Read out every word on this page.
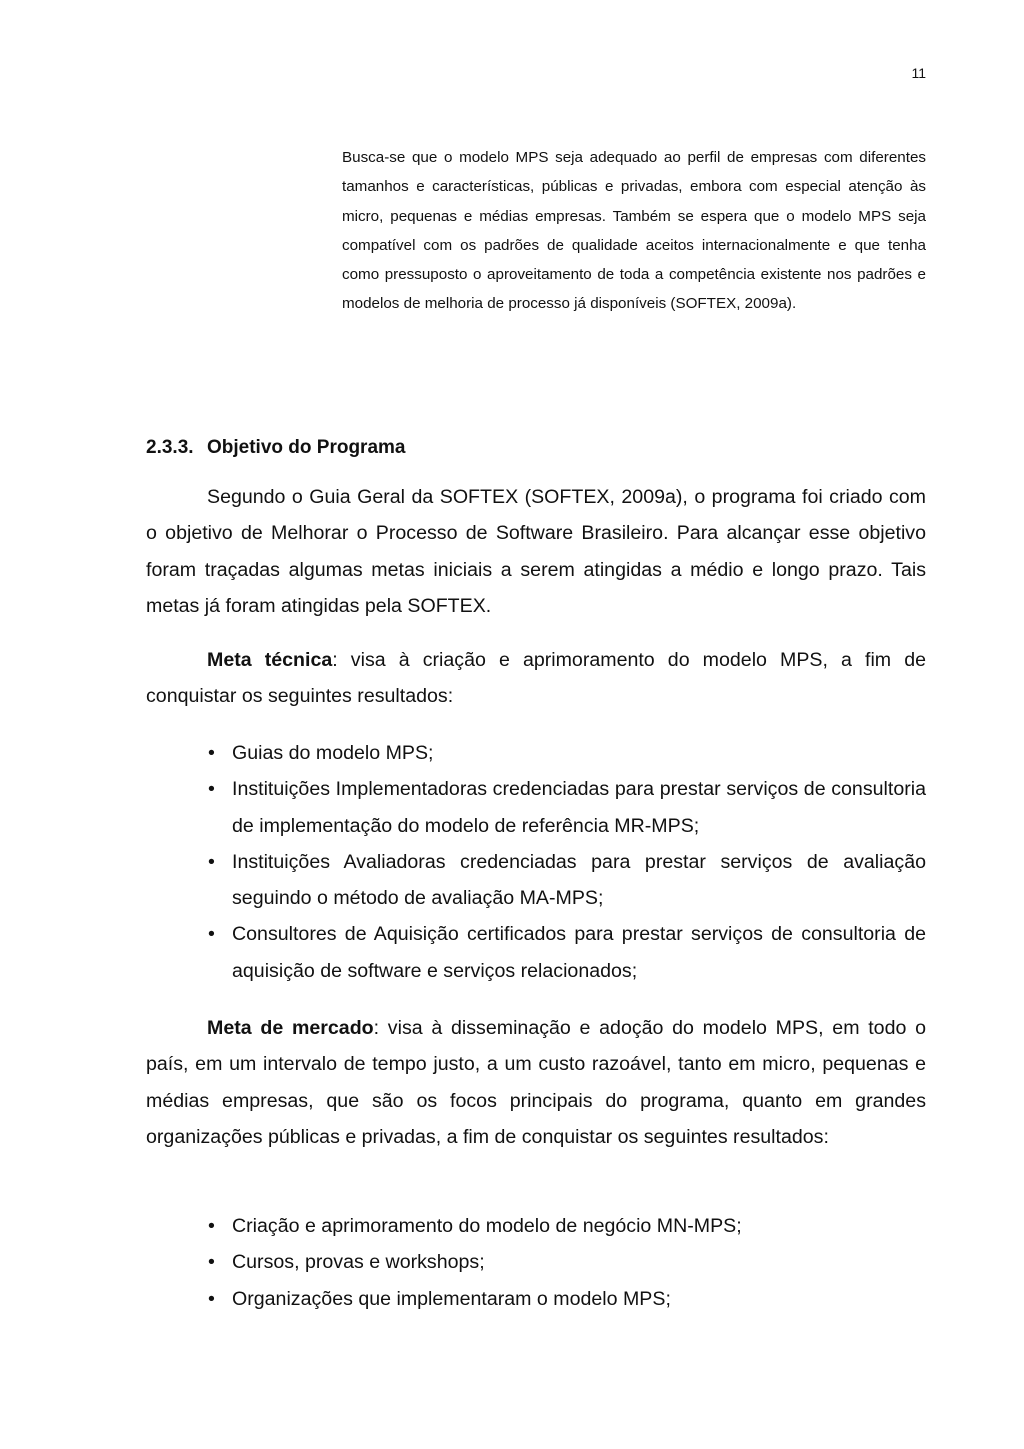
11

Busca-se que o modelo MPS seja adequado ao perfil de empresas com diferentes tamanhos e características, públicas e privadas, embora com especial atenção às micro, pequenas e médias empresas. Também se espera que o modelo MPS seja compatível com os padrões de qualidade aceitos internacionalmente e que tenha como pressuposto o aproveitamento de toda a competência existente nos padrões e modelos de melhoria de processo já disponíveis (SOFTEX, 2009a).

2.3.3. Objetivo do Programa

Segundo o Guia Geral da SOFTEX (SOFTEX, 2009a), o programa foi criado com o objetivo de Melhorar o Processo de Software Brasileiro. Para alcançar esse objetivo foram traçadas algumas metas iniciais a serem atingidas a médio e longo prazo. Tais metas já foram atingidas pela SOFTEX.

Meta técnica: visa à criação e aprimoramento do modelo MPS, a fim de conquistar os seguintes resultados:

• Guias do modelo MPS;
• Instituições Implementadoras credenciadas para prestar serviços de consultoria de implementação do modelo de referência MR-MPS;
• Instituições Avaliadoras credenciadas para prestar serviços de avaliação seguindo o método de avaliação MA-MPS;
• Consultores de Aquisição certificados para prestar serviços de consultoria de aquisição de software e serviços relacionados;

Meta de mercado: visa à disseminação e adoção do modelo MPS, em todo o país, em um intervalo de tempo justo, a um custo razoável, tanto em micro, pequenas e médias empresas, que são os focos principais do programa, quanto em grandes organizações públicas e privadas, a fim de conquistar os seguintes resultados:

• Criação e aprimoramento do modelo de negócio MN-MPS;
• Cursos, provas e workshops;
• Organizações que implementaram o modelo MPS;
